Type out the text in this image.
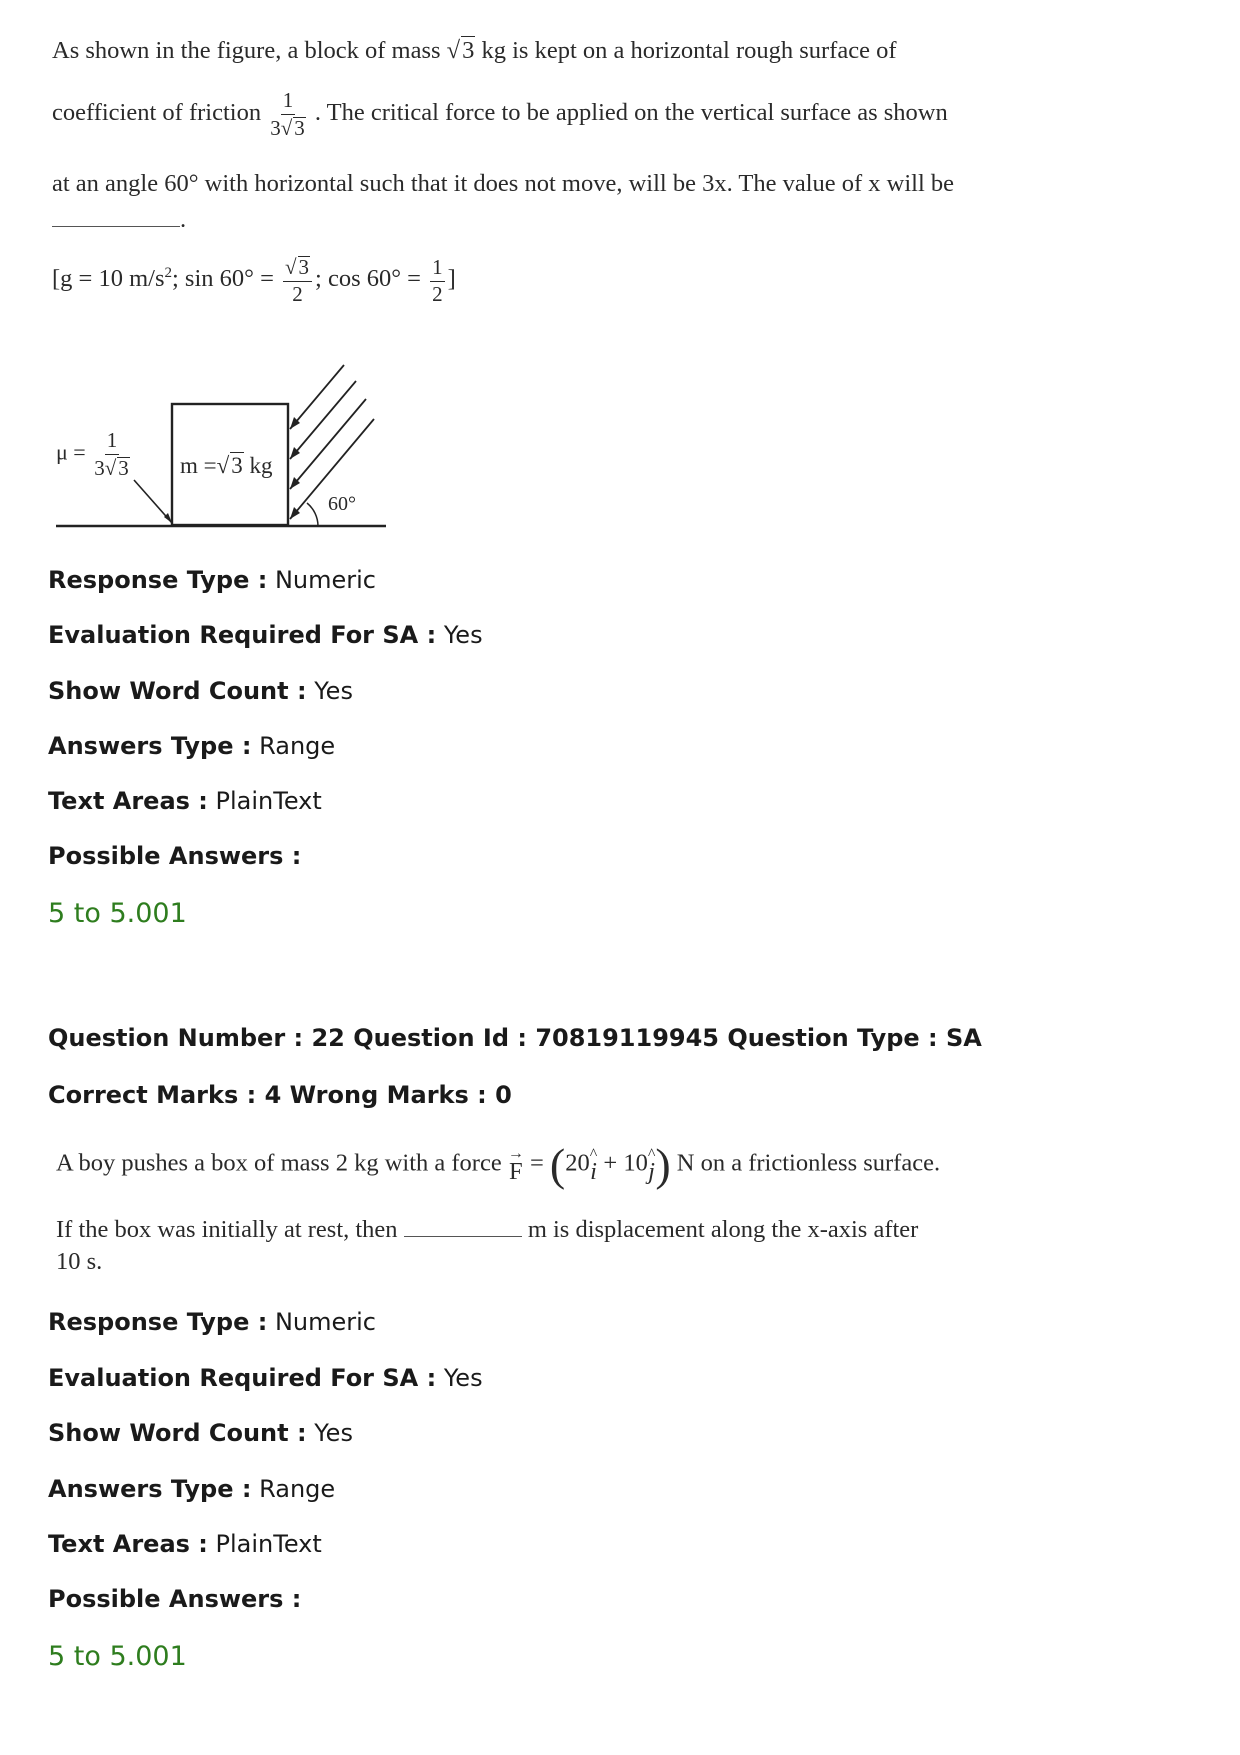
As shown in the figure, a block of mass √3 kg is kept on a horizontal rough surface of
coefficient of friction $\frac{1}{3√3}$ . The critical force to be applied on the vertical surface as shown
at an angle 60° with horizontal such that it does not move, will be 3x. The value of x will be
.
[g = 10 $m/s^2$; $\sin 60^\circ = \frac{√3}{2}$ ; $\cos 60^\circ = \frac{1}{2}$ ]
$\mu = \frac{1}{3√3}$ m =√3 kg
60°
Response Type : Numeric
Evaluation Required For SA : Yes
Show Word Count : Yes
Answers Type : Range
Text Areas : PlainText
Possible Answers :
5 to 5.001
Question Number : 22 Question Id : 70819119945 Question Type : SA
Correct Marks : 4 Wrong Marks : 0
A boy pushes a box of mass 2 kg with a force →
F = (20 ^
i + 10 ^
j ) N on a frictionless surface.
If the box was initially at rest, then	m is displacement along the x-axis after
10 s.
Response Type : Numeric
Evaluation Required For SA : Yes
Show Word Count : Yes
Answers Type : Range
Text Areas : PlainText
Possible Answers :
5 to 5.001
